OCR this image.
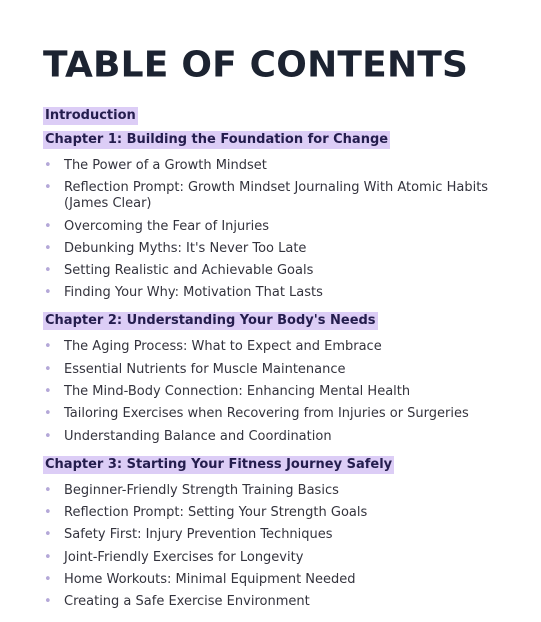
TABLE OF CONTENTS
Introduction
Chapter 1: Building the Foundation for Change
• The Power of a Growth Mindset
• Reflection Prompt: Growth Mindset Journaling With Atomic Habits (James Clear)
• Overcoming the Fear of Injuries
• Debunking Myths: It's Never Too Late
• Setting Realistic and Achievable Goals
• Finding Your Why: Motivation That Lasts
Chapter 2: Understanding Your Body's Needs
• The Aging Process: What to Expect and Embrace
• Essential Nutrients for Muscle Maintenance
• The Mind-Body Connection: Enhancing Mental Health
• Tailoring Exercises when Recovering from Injuries or Surgeries
• Understanding Balance and Coordination
Chapter 3: Starting Your Fitness Journey Safely
• Beginner-Friendly Strength Training Basics
• Reflection Prompt: Setting Your Strength Goals
• Safety First: Injury Prevention Techniques
• Joint-Friendly Exercises for Longevity
• Home Workouts: Minimal Equipment Needed
• Creating a Safe Exercise Environment
